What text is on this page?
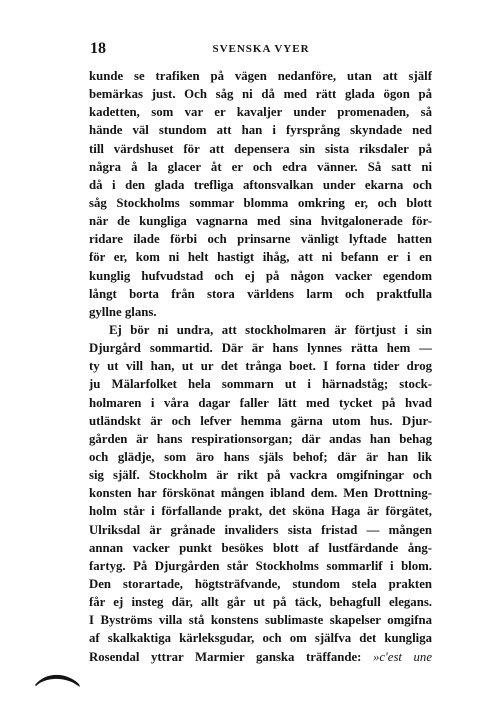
18	SVENSKA VYER
kunde se trafiken på vägen nedanföre, utan att själf
bemärkas just. Och såg ni då med rätt glada ögon på
kadetten, som var er kavaljer under promenaden, så
hände väl stundom att han i fyrsprång skyndade ned
till värdshuset för att depensera sin sista riksdaler på
några å la glacer åt er och edra vänner. Så satt ni
då i den glada trefliga aftonsvalkan under ekarna och
såg Stockholms sommar blomma omkring er, och blott
när de kungliga vagnarna med sina hvitgalonerade för-
ridare ilade förbi och prinsarne vänligt lyftade hatten
för er, kom ni helt hastigt ihåg, att ni befann er i en
kunglig hufvudstad och ej på någon vacker egendom
långt borta från stora världens larm och praktfulla
gyllne glans.
Ej bör ni undra, att stockholmaren är förtjust i sin
Djurgård sommartid. Där är hans lynnes rätta hem —
ty ut vill han, ut ur det trånga boet. I forna tider drog
ju Mälarfolket hela sommarn ut i härnadståg; stock-
holmaren i våra dagar faller lätt med tycket på hvad
utländskt är och lefver hemma gärna utom hus. Djur-
gården är hans respirationsorgan; där andas han behag
och glädje, som äro hans själs behof; där är han lik
sig själf. Stockholm är rikt på vackra omgifningar och
konsten har förskönat mången ibland dem. Men Drottning-
holm står i förfallande prakt, det sköna Haga är förgätet,
Ulriksdal är grånade invaliders sista fristad — mången
annan vacker punkt besökes blott af lustfärdande ång-
fartyg. På Djurgården står Stockholms sommarlif i blom.
Den storartade, högtsträfvande, stundom stela prakten
får ej insteg där, allt går ut på täck, behagfull elegans.
I Byströms villa stå konstens sublimaste skapelser omgifna
af skalkaktiga kärleksgudar, och om själfva det kungliga
Rosendal yttrar Marmier ganska träffande: »c'est une
